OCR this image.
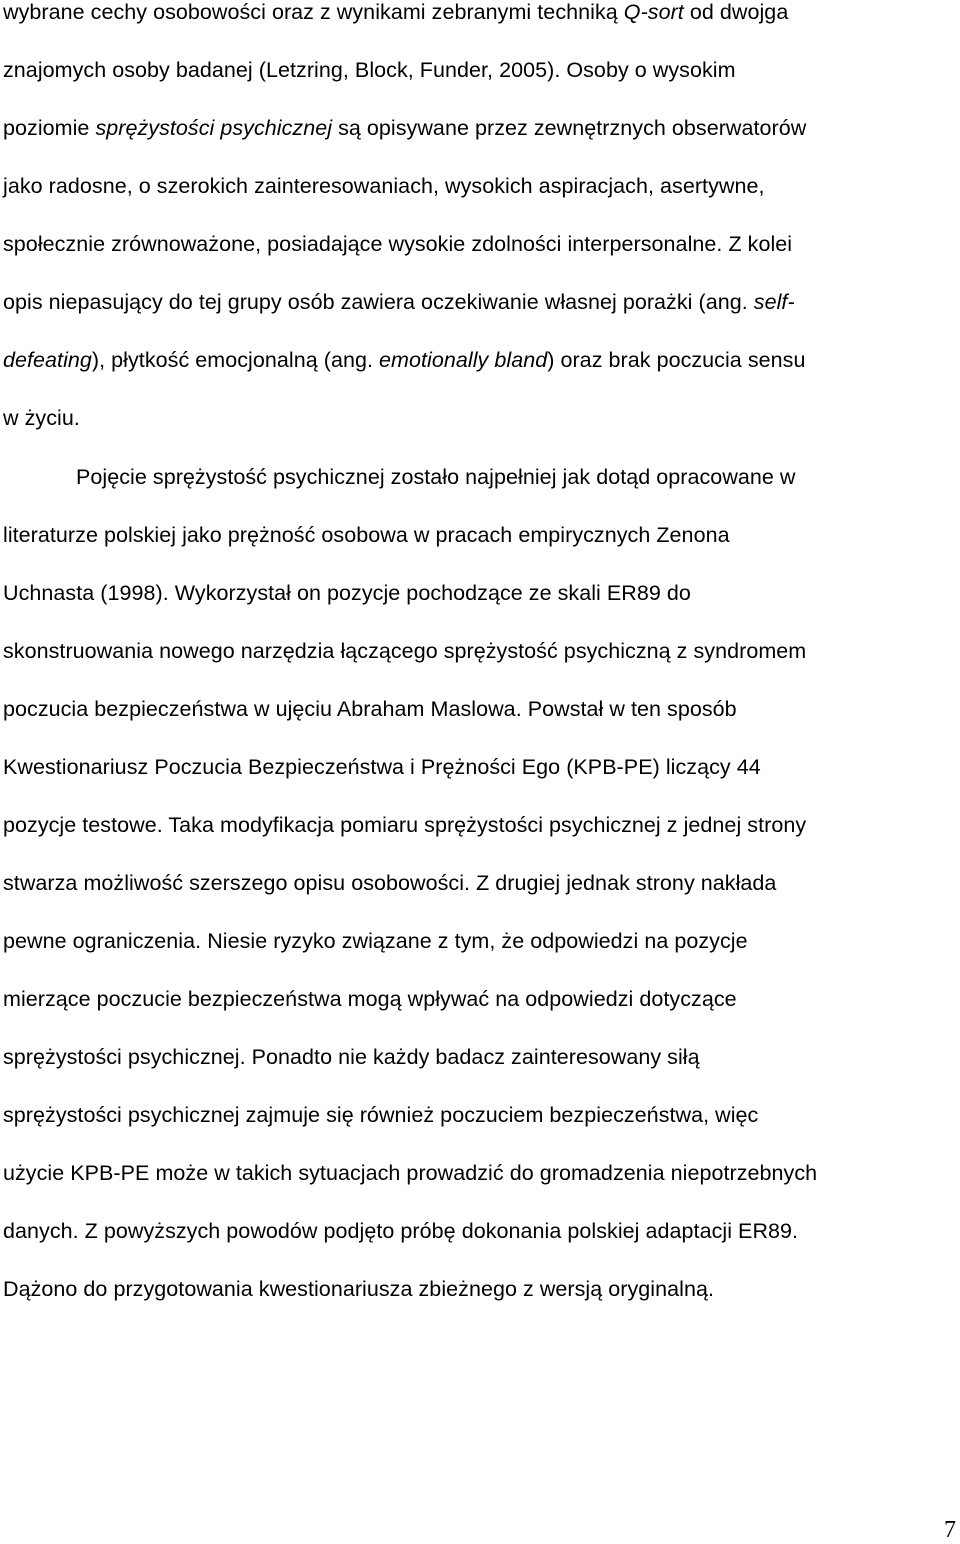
wybrane cechy osobowości oraz z wynikami zebranymi techniką Q-sort od dwojga
znajomych osoby badanej (Letzring, Block, Funder, 2005). Osoby o wysokim
poziomie sprężystości psychicznej są opisywane przez zewnętrznych obserwatorów
jako radosne, o szerokich zainteresowaniach, wysokich aspiracjach, asertywne,
społecznie zrównoważone, posiadające wysokie zdolności interpersonalne. Z kolei
opis niepasujący do tej grupy osób zawiera oczekiwanie własnej porażki (ang. self-
defeating), płytkość emocjonalną (ang. emotionally bland) oraz brak poczucia sensu
w życiu.
Pojęcie sprężystość psychicznej zostało najpełniej jak dotąd opracowane w
literaturze polskiej jako prężność osobowa w pracach empirycznych Zenona
Uchnasta (1998). Wykorzystał on pozycje pochodzące ze skali ER89 do
skonstruowania nowego narzędzia łączącego sprężystość psychiczną z syndromem
poczucia bezpieczeństwa w ujęciu Abraham Maslowa. Powstał w ten sposób
Kwestionariusz Poczucia Bezpieczeństwa i Prężności Ego (KPB-PE) liczący 44
pozycje testowe. Taka modyfikacja pomiaru sprężystości psychicznej z jednej strony
stwarza możliwość szerszego opisu osobowości. Z drugiej jednak strony nakłada
pewne ograniczenia. Niesie ryzyko związane z tym, że odpowiedzi na pozycje
mierzące poczucie bezpieczeństwa mogą wpływać na odpowiedzi dotyczące
sprężystości psychicznej. Ponadto nie każdy badacz zainteresowany siłą
sprężystości psychicznej zajmuje się również poczuciem bezpieczeństwa, więc
użycie KPB-PE może w takich sytuacjach prowadzić do gromadzenia niepotrzebnych
danych. Z powyższych powodów podjęto próbę dokonania polskiej adaptacji ER89.
Dążono do przygotowania kwestionariusza zbieżnego z wersją oryginalną.
7
